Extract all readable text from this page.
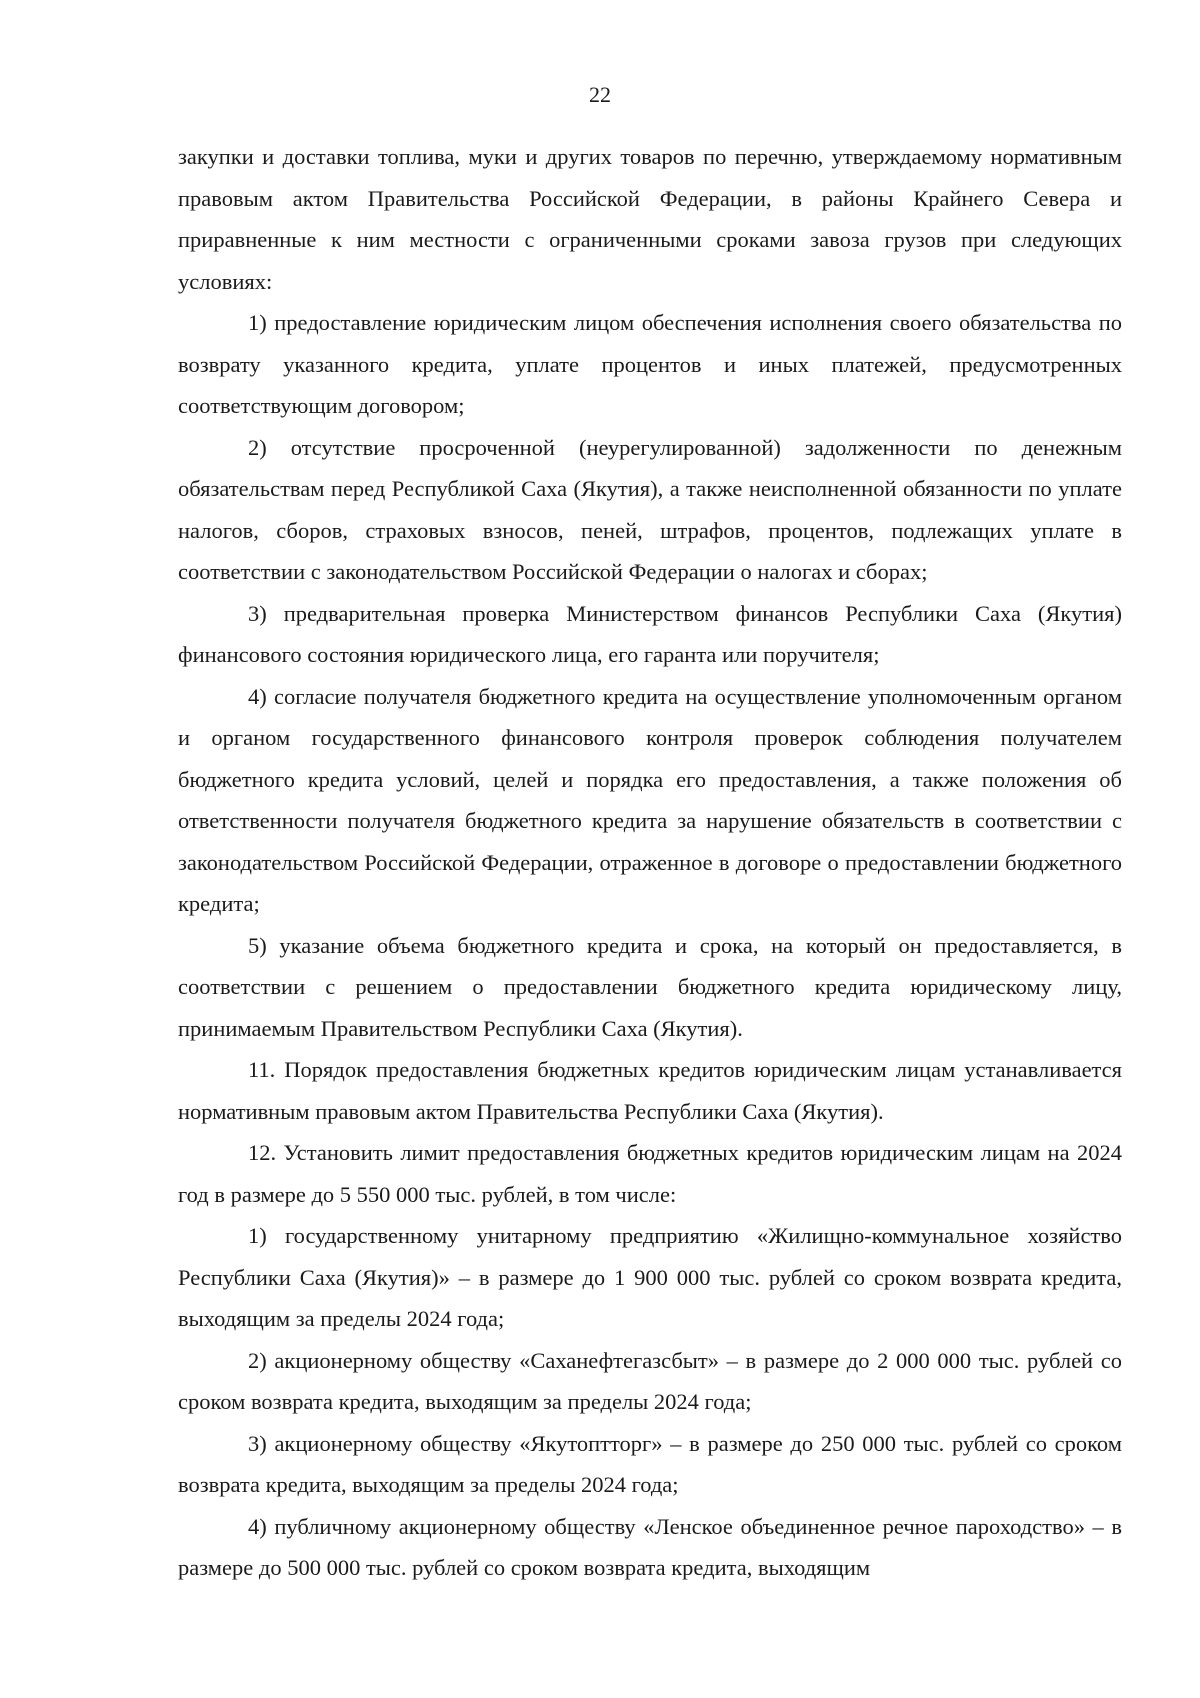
22

закупки и доставки топлива, муки и других товаров по перечню, утверждаемому нормативным правовым актом Правительства Российской Федерации, в районы Крайнего Севера и приравненные к ним местности с ограниченными сроками завоза грузов при следующих условиях:

1) предоставление юридическим лицом обеспечения исполнения своего обязательства по возврату указанного кредита, уплате процентов и иных платежей, предусмотренных соответствующим договором;

2) отсутствие просроченной (неурегулированной) задолженности по денежным обязательствам перед Республикой Саха (Якутия), а также неисполненной обязанности по уплате налогов, сборов, страховых взносов, пеней, штрафов, процентов, подлежащих уплате в соответствии с законодательством Российской Федерации о налогах и сборах;

3) предварительная проверка Министерством финансов Республики Саха (Якутия) финансового состояния юридического лица, его гаранта или поручителя;

4) согласие получателя бюджетного кредита на осуществление уполномоченным органом и органом государственного финансового контроля проверок соблюдения получателем бюджетного кредита условий, целей и порядка его предоставления, а также положения об ответственности получателя бюджетного кредита за нарушение обязательств в соответствии с законодательством Российской Федерации, отраженное в договоре о предоставлении бюджетного кредита;

5) указание объема бюджетного кредита и срока, на который он предоставляется, в соответствии с решением о предоставлении бюджетного кредита юридическому лицу, принимаемым Правительством Республики Саха (Якутия).

11. Порядок предоставления бюджетных кредитов юридическим лицам устанавливается нормативным правовым актом Правительства Республики Саха (Якутия).

12. Установить лимит предоставления бюджетных кредитов юридическим лицам на 2024 год в размере до 5 550 000 тыс. рублей, в том числе:

1) государственному унитарному предприятию «Жилищно-коммунальное хозяйство Республики Саха (Якутия)» – в размере до 1 900 000 тыс. рублей со сроком возврата кредита, выходящим за пределы 2024 года;

2) акционерному обществу «Саханефтегазсбыт» – в размере до 2 000 000 тыс. рублей со сроком возврата кредита, выходящим за пределы 2024 года;

3) акционерному обществу «Якутоптторг» – в размере до 250 000 тыс. рублей со сроком возврата кредита, выходящим за пределы 2024 года;

4) публичному акционерному обществу «Ленское объединенное речное пароходство» – в размере до 500 000 тыс. рублей со сроком возврата кредита, выходящим
